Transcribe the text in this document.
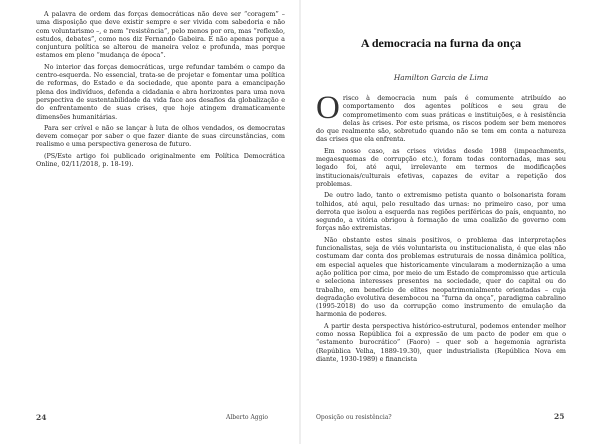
A palavra de ordem das forças democráticas não deve ser “coragem” – uma disposição que deve existir sempre e ser vivida com sabedoria e não com voluntarismo –, e nem “resistência”, pelo menos por ora, mas “reflexão, estudos, debates”, como nos diz Fernando Gabeira. E não apenas porque a conjuntura política se alterou de maneira veloz e profunda, mas porque estamos em pleno “mudança de época”.

No interior das forças democráticas, urge refundar também o campo da centro-esquerda. No essencial, trata-se de projetar e fomentar uma política de reformas, do Estado e da sociedade, que aponte para a emancipação plena dos indivíduos, defenda a cidadania e abra horizontes para uma nova perspectiva de sustentabilidade da vida face aos desafios da globalização e do enfrentamento de suas crises, que hoje atingem dramaticamente dimensões humanitárias.

Para ser crível e não se lançar à luta de olhos vendados, os democratas devem começar por saber o que fazer diante de suas circunstâncias, com realismo e uma perspectiva generosa de futuro.

(PS/Este artigo foi publicado originalmente em Política Democrática Online, 02/11/2018, p. 18-19).

24	Alberto Aggio
A democracia na furna da onça
Hamilton Garcia de Lima

Orisco à democracia num país é comumente atribuído ao comportamento dos agentes políticos e seu grau de comprometimento com suas práticas e instituições, e à resistência delas às crises. Por este prisma, os riscos podem ser bem menores do que realmente são, sobretudo quando não se tem em conta a natureza das crises que ela enfrenta.

Em nosso caso, as crises vividas desde 1988 (impeachments, megaesquemas de corrupção etc.), foram todas contornadas, mas seu legado foi, até aqui, irrelevante em termos de modificações institucionais/culturais efetivas, capazes de evitar a repetição dos problemas.

De outro lado, tanto o extremismo petista quanto o bolsonarista foram tolhidos, até aqui, pelo resultado das urnas: no primeiro caso, por uma derrota que isolou a esquerda nas regiões periféricas do país, enquanto, no segundo, a vitória obrigou à formação de uma coalizão de governo com forças não extremistas.

Não obstante estes sinais positivos, o problema das interpretações funcionalistas, seja de viés voluntarista ou institucionalista, é que elas não costumam dar conta dos problemas estruturais de nossa dinâmica política, em especial aqueles que historicamente vincularam a modernização a uma ação política por cima, por meio de um Estado de compromisso que articula e seleciona interesses presentes na sociedade, quer do capital ou do trabalho, em benefício de elites neopatrimonialmente orientadas – cuja degradação evolutiva desembocou na “furna da onça”, paradigma cabralino (1995-2018) do uso da corrupção como instrumento de emulação da harmonia de poderes.

A partir desta perspectiva histórico-estrutural, podemos entender melhor como nossa República foi a expressão de um pacto de poder em que o “estamento burocrático” (Faoro) – quer sob a hegemonia agrarista (República Velha, 1889-19.30), quer industrialista (República Nova em diante, 1930-1989) e financista

Oposição ou resistência?	25
